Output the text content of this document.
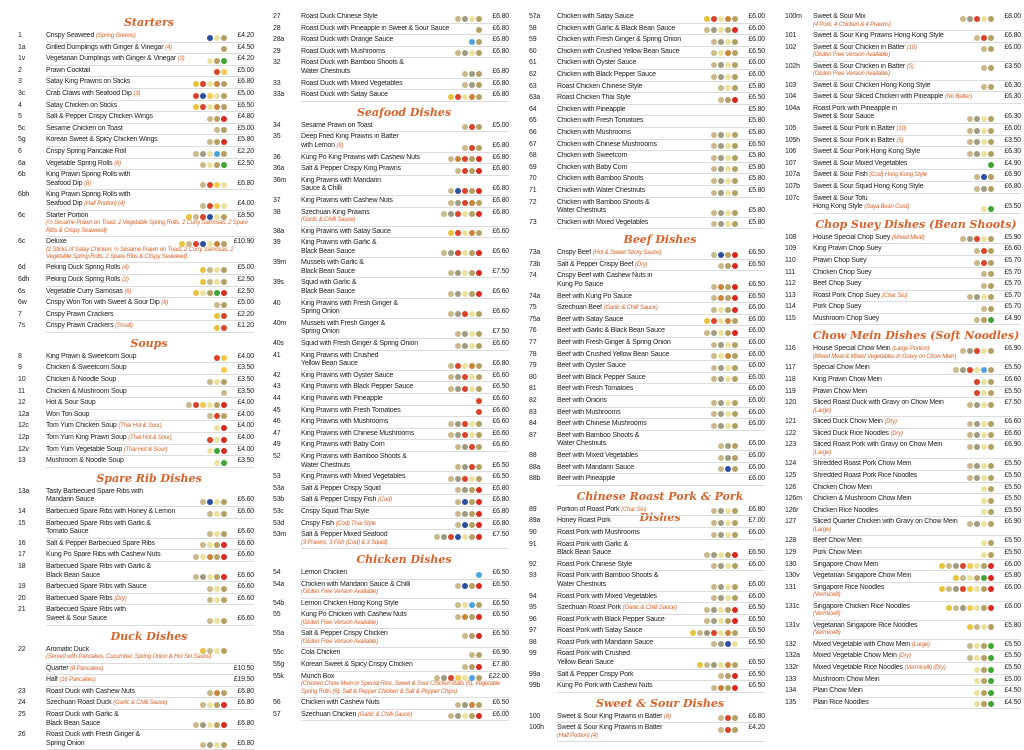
Starters
1	Crispy Seaweed (Spring Greens)	£4.20
1a	Grilled Dumplings with Ginger & Vinegar (4)	£4.50
1v	Vegetarian Dumplings with Ginger & Vinegar (3)	£4.20
2	Prawn Cocktail	£5.00
3	Satay King Prawns on Sticks	£6.80
3c	Crab Claws with Seafood Dip (3)	£5.00
4	Satay Chicken on Sticks	£6.50
5	Salt & Pepper Crispy Chicken Wings	£4.80
5c	Sesame Chicken on Toast	£5.00
5g	Korean Sweet & Spicy Chicken Wings	£5.80
6	Crispy Spring Pancake Roll	£2.20
6a	Vegetable Spring Rolls (6)	£2.50
6b	King Prawn Spring Rolls with
Seafood Dip (8)	£6.80
6bh	King Prawn Spring Rolls with
Seafood Dip (Half Portion) (4)	£4.00
6c	Starter Portion	£8.50
(½ Sesame Prawn on Toast, 2 Vegetable Spring Rolls, 2 Curry Samosas, 2 Spare Ribs & Crispy Seaweed)
6c	Deluxe	£10.90
(2 Sticks of Satay Chicken, ½ Sesame Prawn on Toast, 2 Curry Samosas, 2 Vegetable Spring Rolls, 2 Spare Ribs & Crispy Seaweed)
6d	Peking Duck Spring Rolls (4)	£5.00
6dh	Peking Duck Spring Rolls (2)	£2.50
6s	Vegetable Curry Samosas (6)	£2.50
6w	Crispy Won Ton with Sweet & Sour Dip (8)	£5.00
7	Crispy Prawn Crackers	£2.20
7s	Crispy Prawn Crackers (Small)	£1.20
Soups
8	King Prawn & Sweetcorn Soup	£4.00
9	Chicken & Sweetcorn Soup	£3.50
10	Chicken & Noodle Soup	£3.50
11	Chicken & Mushroom Soup	£3.50
12	Hot & Sour Soup	£4.00
12a	Won Ton Soup	£4.00
12c	Tom Yum Chicken Soup (Thai Hot & Sour)	£4.00
12p	Tom Yum King Prawn Soup (Thai Hot & Sour)	£4.00
12v	Tom Yum Vegetable Soup (Thai Hot & Sour)	£4.00
13	Mushroom & Noodle Soup	£3.50
Spare Rib Dishes
13a	Tasty Barbecued Spare Ribs with
Mandarin Sauce	£6.60
14	Barbecued Spare Ribs with Honey & Lemon	£6.60
15	Barbecued Spare Ribs with Garlic &
Tomato Sauce	£6.60
16	Salt & Pepper Barbecued Spare Ribs	£6.60
17	Kung Po Spare Ribs with Cashew Nuts	£6.60
18	Barbecued Spare Ribs with Garlic &
Black Bean Sauce	£6.60
19	Barbecued Spare Ribs with Sauce	£6.60
20	Barbecued Spare Ribs (Dry)	£6.60
21	Barbecued Spare Ribs with
Sweet & Sour Sauce	£6.60
Duck Dishes
22	Aromatic Duck
(Served with Pancakes, Cucumber, Spring Onion & Hoi Sin Sauce)
Quarter (8 Pancakes)	£10.50
Half (16 Pancakes)	£19.50
23	Roast Duck with Cashew Nuts	£6.80
24	Szechuan Roast Duck (Garlic & Chilli Sauce)	£6.80
25	Roast Duck with Garlic &
Black Bean Sauce	£6.80
26	Roast Duck with Fresh Ginger &
Spring Onion	£6.80
27	Roast Duck Chinese Style	£6.80
28	Roast Duck with Pineapple in Sweet & Sour Sauce	£6.80
28a	Roast Duck with Orange Sauce	£6.80
29	Roast Duck with Mushrooms	£6.80
32	Roast Duck with Bamboo Shoots &
Water Chestnuts	£6.80
33	Roast Duck with Mixed Vegetables	£6.80
33a	Roast Duck with Satay Sauce	£6.80
Seafood Dishes
34	Sesame Prawn on Toast	£5.00
35	Deep Fried King Prawns in Batter
with Lemon (8)	£6.80
36	Kung Po King Prawns with Cashew Nuts	£6.80
36a	Salt & Pepper Crispy King Prawns	£6.80
36m	King Prawns with Mandarin
Sauce & Chilli	£6.80
37	King Prawns with Cashew Nuts	£6.80
38	Szechuan King Prawns	£6.80
(Garlic & Chilli Sauce)
38a	King Prawns with Satay Sauce	£6.60
39	King Prawns with Garlic &
Black Bean Sauce	£6.60
39m	Mussels with Garlic &
Black Bean Sauce	£7.50
39s	Squid with Garlic &
Black Bean Sauce	£6.60
40	King Prawns with Fresh Ginger &
Spring Onion	£6.60
40m	Mussels with Fresh Ginger &
Spring Onion	£7.50
40s	Squid with Fresh Ginger & Spring Onion	£6.60
41	King Prawns with Crushed
Yellow Bean Sauce	£6.80
42	King Prawns with Oyster Sauce	£6.60
43	King Prawns with Black Pepper Sauce	£6.50
44	King Prawns with Pineapple	£6.60
45	King Prawns with Fresh Tomatoes	£6.60
46	King Prawns with Mushrooms	£6.60
47	King Prawns with Chinese Mushrooms	£6.60
49	King Prawns with Baby Corn	£6.60
52	King Prawns with Bamboo Shoots &
Water Chestnuts	£6.50
53	King Prawns with Mixed Vegetables	£6.50
53a	Salt & Pepper Crispy Squid	£6.80
53b	Salt & Pepper Crispy Fish (Cod)	£6.80
53c	Crispy Squid Thai Style	£6.80
53d	Crispy Fish (Cod) Thai Style	£6.80
53m	Salt & Pepper Mixed Seafood	£7.50
(3 Prawns, 3 Fish (Cod) & 3 Squid)
Chicken Dishes
54	Lemon Chicken	£6.50
54a	Chicken with Mandarin Sauce & Chilli	£6.50
(Gluten Free Version Available)
54b	Lemon Chicken Hong Kong Style	£6.50
55	Kung Po Chicken with Cashew Nuts	£6.50
(Gluten Free Version Available)
55a	Salt & Pepper Crispy Chicken	£6.50
(Gluten Free Version Available)
55c	Cola Chicken	£6.90
55g	Korean Sweet & Spicy Crispy Chicken	£7.80
55k	Munch Box	£22.00
(Chicken Chow Mein or Special Rice, Sweet & Sour Chicken Balls (5), Vegetable Spring Rolls (6), Salt & Pepper Chicken & Salt & Pepper Chips)
56	Chicken with Cashew Nuts	£6.50
57	Szechuan Chicken (Garlic & Chilli Sauce)	£6.00
57a	Chicken with Satay Sauce	£6.00
58	Chicken with Garlic & Black Bean Sauce	£6.00
59	Chicken with Fresh Ginger & Spring Onion	£6.00
60	Chicken with Crushed Yellow Bean Sauce	£6.50
61	Chicken with Oyster Sauce	£6.00
62	Chicken with Black Pepper Sauce	£6.00
63	Roast Chicken Chinese Style	£5.80
63a	Roast Chicken Thai Style	£6.50
64	Chicken with Pineapple	£5.80
65	Chicken with Fresh Tomatoes	£5.80
66	Chicken with Mushrooms	£5.80
67	Chicken with Chinese Mushrooms	£6.50
68	Chicken with Sweetcorn	£5.80
69	Chicken with Baby Corn	£5.80
70	Chicken with Bamboo Shoots	£5.80
71	Chicken with Water Chestnuts	£5.80
72	Chicken with Bamboo Shoots &
Water Chestnuts	£5.80
73	Chicken with Mixed Vegetables	£5.80
Beef Dishes
73a	Crispy Beef (Hot & Sweet Sticky Sauce)	£6.50
73b	Salt & Pepper Crispy Beef (Dry)	£6.50
74	Crispy Beef with Cashew Nuts in
Kung Po Sauce	£6.50
74a	Beef with Kung Po Sauce	£6.50
75	Szechuan Beef (Garlic & Chilli Sauce)	£6.00
75a	Beef with Satay Sauce	£6.00
76	Beef with Garlic & Black Bean Sauce	£6.00
77	Beef with Fresh Ginger & Spring Onion	£6.00
78	Beef with Crushed Yellow Bean Sauce	£6.00
79	Beef with Oyster Sauce	£6.00
80	Beef with Black Pepper Sauce	£6.00
81	Beef with Fresh Tomatoes	£6.00
82	Beef with Onions	£6.00
83	Beef with Mushrooms	£6.00
84	Beef with Chinese Mushrooms	£6.00
87	Beef with Bamboo Shoots &
Water Chestnuts	£6.00
88	Beef with Mixed Vegetables	£6.00
88a	Beef with Mandarin Sauce	£6.00
88b	Beef with Pineapple	£6.00
Chinese Roast Pork & Pork Dishes
89	Portion of Roast Pork (Char Siu)	£6.80
89a	Honey Roast Pork	£7.00
90	Roast Pork with Mushrooms	£6.00
91	Roast Pork with Garlic &
Black Bean Sauce	£6.50
92	Roast Pork Chinese Style	£6.00
93	Roast Pork with Bamboo Shoots &
Water Chestnuts	£6.00
94	Roast Pork with Mixed Vegetables	£6.00
95	Szechuan Roast Pork (Garlic & Chilli Sauce)	£6.50
96	Roast Pork with Black Pepper Sauce	£6.50
97	Roast Pork with Satay Sauce	£6.50
98	Roast Pork with Mandarin Sauce	£6.50
99	Roast Pork with Crushed
Yellow Bean Sauce	£6.50
99a	Salt & Pepper Crispy Pork	£6.50
99b	Kung Po Pork with Cashew Nuts	£6.50
Sweet & Sour Dishes
100	Sweet & Sour King Prawns in Batter (8)	£6.80
100h	Sweet & Sour King Prawns in Batter	£4.20
(Half Portion) (4)
100m	Sweet & Sour Mix	£8.00
(4 Pork, 4 Chicken & 4 Prawns)
101	Sweet & Sour King Prawns Hong Kong Style	£6.80
102	Sweet & Sour Chicken in Batter (10)	£6.00
(Gluten Free Version Available)
102h	Sweet & Sour Chicken in Batter (5)	£3.50
(Gluten Free Version Available)
103	Sweet & Sour Chicken Hong Kong Style	£6.30
104	Sweet & Sour Sliced Chicken with Pineapple (No Batter)	£6.30
104a	Roast Pork with Pineapple in
Sweet & Sour Sauce	£6.30
105	Sweet & Sour Pork in Batter (10)	£6.00
105h	Sweet & Sour Pork in Batter (5)	£3.50
106	Sweet & Sour Pork Hong Kong Style	£6.30
107	Sweet & Sour Mixed Vegetables	£4.90
107a	Sweet & Sour Fish (Cod) Hong Kong Style	£6.90
107b	Sweet & Sour Squid Hong Kong Style	£6.80
107c	Sweet & Sour Tofu
Hong Kong Style (Soya Bean Curd)	£5.50
Chop Suey Dishes (Bean Shoots)
108	House Special Chop Suey (Mixed Meat)	£5.90
109	King Prawn Chop Suey	£6.60
110	Prawn Chop Suey	£5.70
111	Chicken Chop Suey	£5.70
112	Beef Chop Suey	£5.70
113	Roast Pork Chop Suey (Char Siu)	£5.70
114	Pork Chop Suey	£5.70
115	Mushroom Chop Suey	£4.90
Chow Mein Dishes (Soft Noodles)
116	House Special Chow Mein (Large Portion)	£6.90
(Mixed Meat & Mixed Vegetables in Gravy on Chow Mein)
117	Special Chow Mein	£5.50
118	King Prawn Chow Mein	£6.60
119	Prawn Chow Mein	£5.50
120	Sliced Roast Duck with Gravy on Chow Mein	£7.50
(Large)
121	Sliced Duck Chow Mein (Dry)	£6.60
122	Sliced Duck Rice Noodles (Dry)	£6.60
123	Sliced Roast Pork with Gravy on Chow Mein	£6.90
(Large)
124	Shredded Roast Pork Chow Mein	£5.50
125	Shredded Roast Pork Rice Noodles	£5.50
126	Chicken Chow Mein	£5.50
126m	Chicken & Mushroom Chow Mein	£5.50
126r	Chicken Rice Noodles	£5.50
127	Sliced Quarter Chicken with Gravy on Chow Mein	£6.90
(Large)
128	Beef Chow Mein	£5.50
129	Pork Chow Mein	£5.50
130	Singapore Chow Mein	£6.00
130v	Vegetarian Singapore Chow Mein	£5.80
131	Singapore Rice Noodles	£6.00
(Vermicelli)
131c	Singapore Chicken Rice Noodles	£6.00
(Vermicelli)
131v	Vegetarian Singapore Rice Noodles	£5.80
(Vermicelli)
132	Mixed Vegetable with Chow Mein (Large)	£5.50
132a	Mixed Vegetable Chow Mein (Dry)	£5.50
132r	Mixed Vegetable Rice Noodles (Vermicelli) (Dry)	£5.50
133	Mushroom Chow Mein	£5.00
134	Plain Chow Mein	£4.50
135	Plain Rice Noodles	£4.50
